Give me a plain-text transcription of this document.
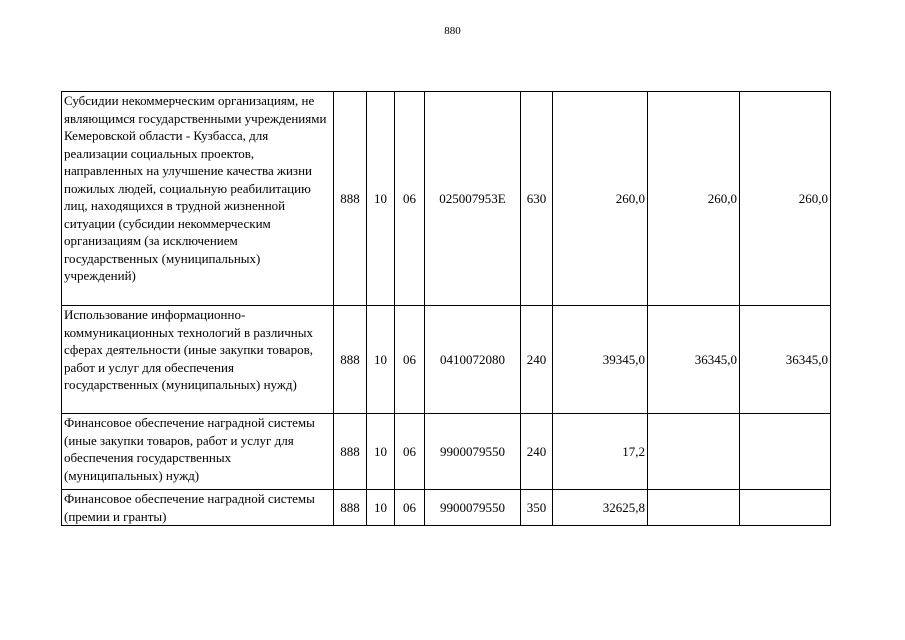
880
Субсидии некоммерческим организациям, не являющимся государственными учреждениями Кемеровской области - Кузбасса, для реализации социальных проектов, направленных на улучшение качества жизни пожилых людей, социальную реабилитацию лиц, находящихся в трудной жизненной ситуации (субсидии некоммерческим организациям (за исключением государственных (муниципальных) учреждений)	888	10	06	025007953Е	630	260,0	260,0	260,0
Использование информационно-коммуникационных технологий в различных сферах деятельности (иные закупки товаров, работ и услуг для обеспечения государственных (муниципальных) нужд)	888	10	06	0410072080	240	39345,0	36345,0	36345,0
Финансовое обеспечение наградной системы (иные закупки товаров, работ и услуг для обеспечения государственных (муниципальных) нужд)	888	10	06	9900079550	240	17,2		
Финансовое обеспечение наградной системы (премии и гранты)	888	10	06	9900079550	350	32625,8		
